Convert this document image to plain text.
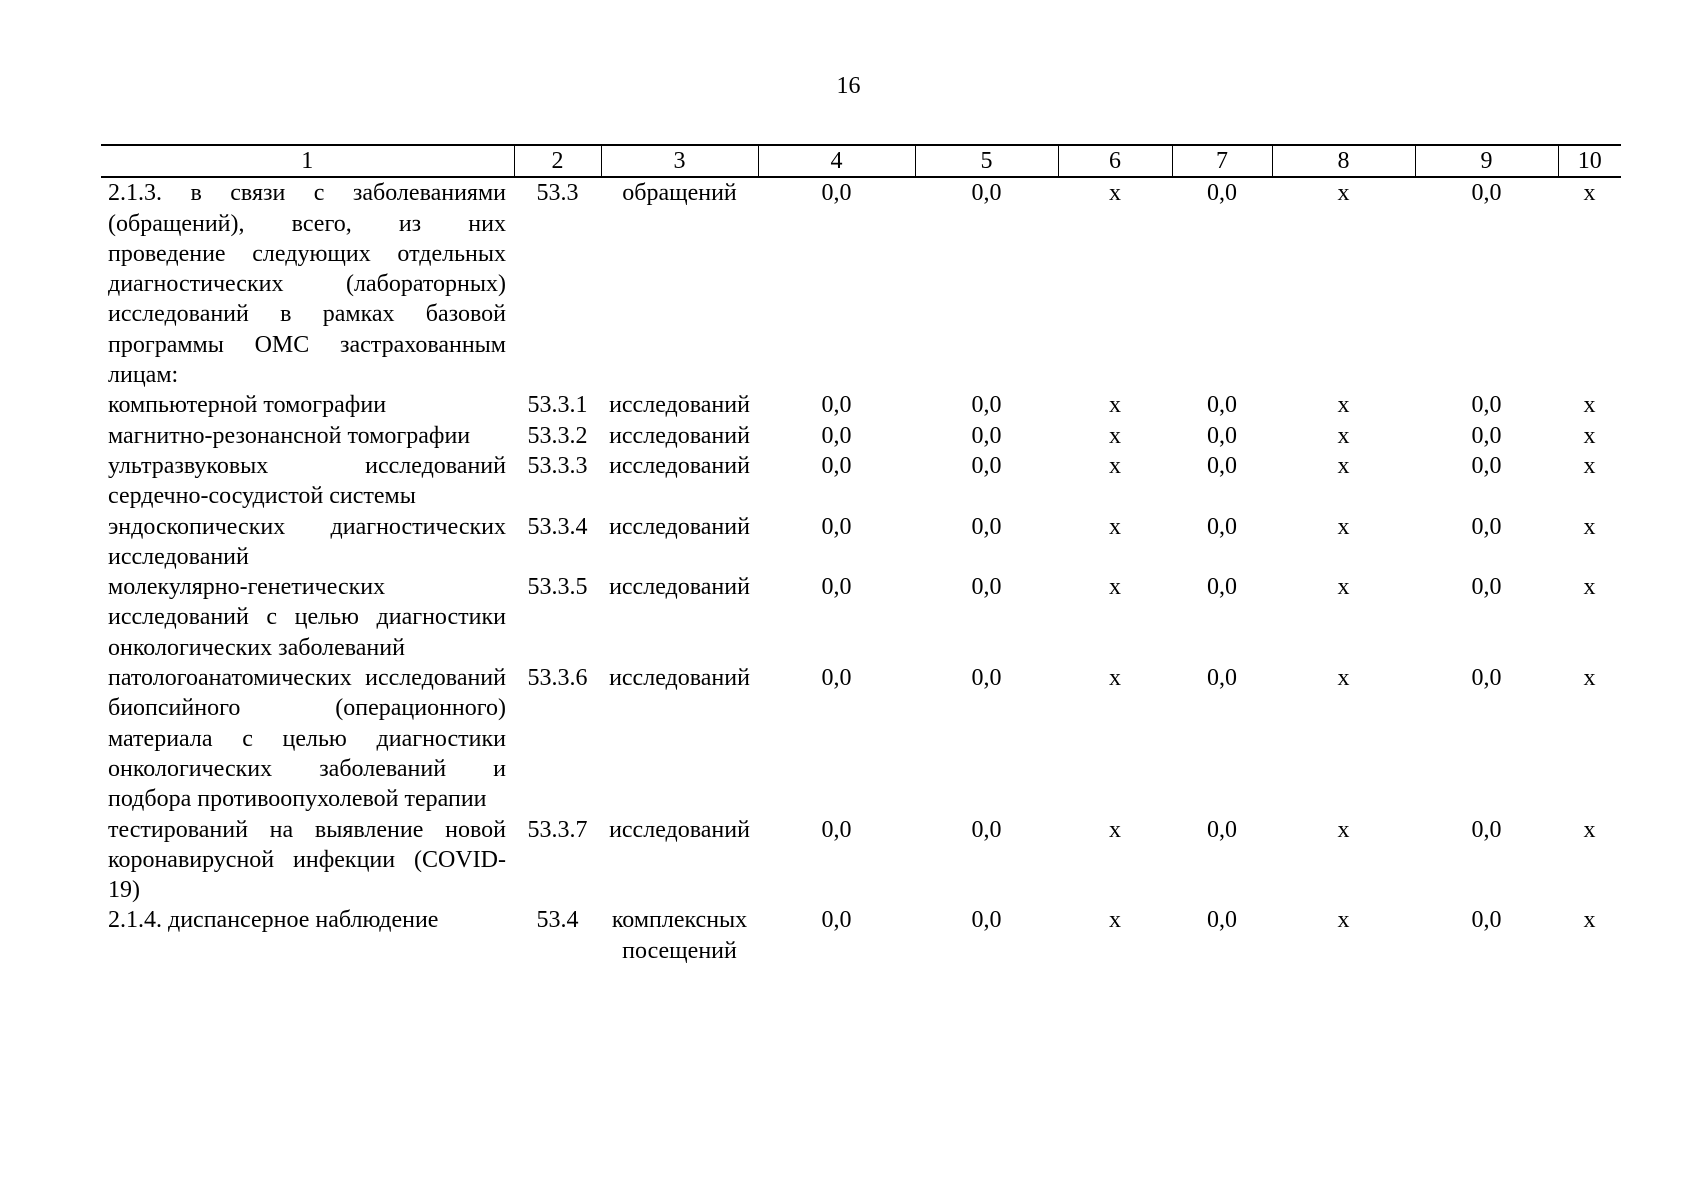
16
1	2	3	4	5	6	7	8	9	10

2.1.3. в связи с заболеваниями (обращений), всего, из них проведение следующих отдельных диагностических (лабораторных) исследований в рамках базовой программы ОМС застрахованным лицам:	53.3	обращений	0,0	0,0	х	0,0	х	0,0	х

компьютерной томографии	53.3.1	исследований	0,0	0,0	х	0,0	х	0,0	х

магнитно-резонансной томографии	53.3.2	исследований	0,0	0,0	х	0,0	х	0,0	х

ультразвуковых исследований сердечно-сосудистой системы	53.3.3	исследований	0,0	0,0	х	0,0	х	0,0	х

эндоскопических диагностических исследований	53.3.4	исследований	0,0	0,0	х	0,0	х	0,0	х

молекулярно-генетических исследований с целью диагностики онкологических заболеваний	53.3.5	исследований	0,0	0,0	х	0,0	х	0,0	х

патологоанатомических исследований биопсийного (операционного) материала с целью диагностики онкологических заболеваний и подбора противоопухолевой терапии	53.3.6	исследований	0,0	0,0	х	0,0	х	0,0	х

тестирований на выявление новой коронавирусной инфекции (COVID-19)	53.3.7	исследований	0,0	0,0	х	0,0	х	0,0	х

2.1.4. диспансерное наблюдение	53.4	комплексных посещений	0,0	0,0	х	0,0	х	0,0	х
